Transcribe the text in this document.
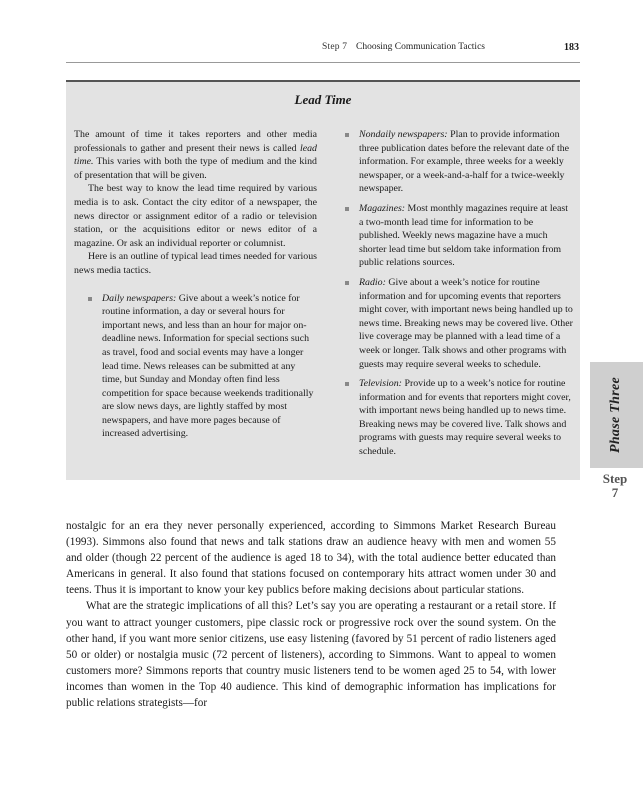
Step 7 Choosing Communication Tactics	183
Lead Time

The amount of time it takes reporters and other media professionals to gather and present their news is called lead time. This varies with both the type of medium and the kind of presentation that will be given.

The best way to know the lead time required by various media is to ask. Contact the city editor of a newspaper, the news director or assignment editor of a radio or television station, or the acquisitions editor or news editor of a magazine. Or ask an individual reporter or columnist.

Here is an outline of typical lead times needed for various news media tactics.

Daily newspapers: Give about a week’s notice for routine information, a day or several hours for important news, and less than an hour for major on-deadline news. Information for special sections such as travel, food and social events may have a longer lead time. News releases can be submitted at any time, but Sunday and Monday often find less competition for space because weekends traditionally are slow news days, are lightly staffed by most newspapers, and have more pages because of increased advertising.
Nondaily newspapers: Plan to provide information three publication dates before the relevant date of the information. For example, three weeks for a weekly newspaper, or a week-and-a-half for a twice-weekly newspaper.
Magazines: Most monthly magazines require at least a two-month lead time for information to be published. Weekly news magazine have a much shorter lead time but seldom take information from public relations sources.
Radio: Give about a week’s notice for routine information and for upcoming events that reporters might cover, with important news being handled up to news time. Breaking news may be covered live. Other live coverage may be planned with a lead time of a week or longer. Talk shows and other programs with guests may require several weeks to schedule.
Television: Provide up to a week’s notice for routine information and for events that reporters might cover, with important news being handled up to news time. Breaking news may be covered live. Talk shows and programs with guests may require several weeks to schedule.	Phase Three
Step
7

nostalgic for an era they never personally experienced, according to Simmons Market Research Bureau (1993). Simmons also found that news and talk stations draw an audience heavy with men and women 55 and older (though 22 percent of the audience is aged 18 to 34), with the total audience better educated than Americans in general. It also found that stations focused on contemporary hits attract women under 30 and teens. Thus it is important to know your key publics before making decisions about particular stations.

What are the strategic implications of all this? Let’s say you are operating a restaurant or a retail store. If you want to attract younger customers, pipe classic rock or progressive rock over the sound system. On the other hand, if you want more senior citizens, use easy listening (favored by 51 percent of radio listeners aged 50 or older) or nostalgia music (72 percent of listeners), according to Simmons. Want to appeal to women customers more? Simmons reports that country music listeners tend to be women aged 25 to 54, with lower incomes than women in the Top 40 audience. This kind of demographic information has implications for public relations strategists—for
